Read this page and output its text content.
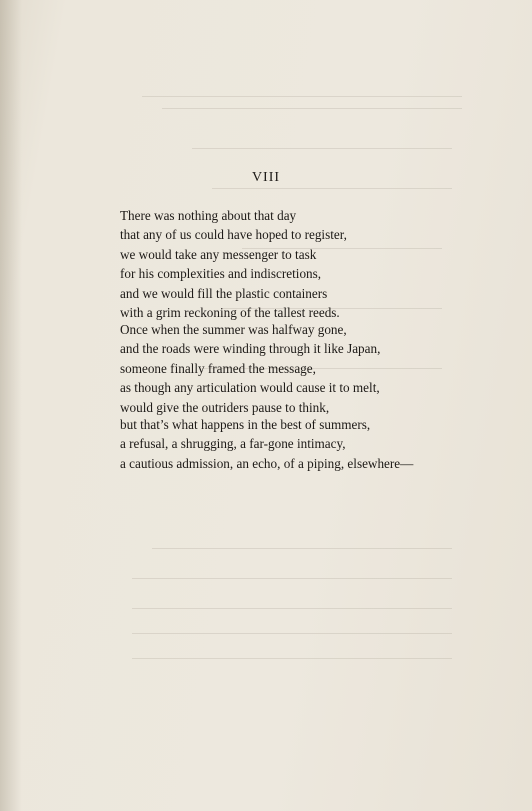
VIII
There was nothing about that day
that any of us could have hoped to register,
we would take any messenger to task
for his complexities and indiscretions,
and we would fill the plastic containers
with a grim reckoning of the tallest reeds.
Once when the summer was halfway gone,
and the roads were winding through it like Japan,
someone finally framed the message,
as though any articulation would cause it to melt,
would give the outriders pause to think,
but that’s what happens in the best of summers,
a refusal, a shrugging, a far-gone intimacy,
a cautious admission, an echo, of a piping, elsewhere—
